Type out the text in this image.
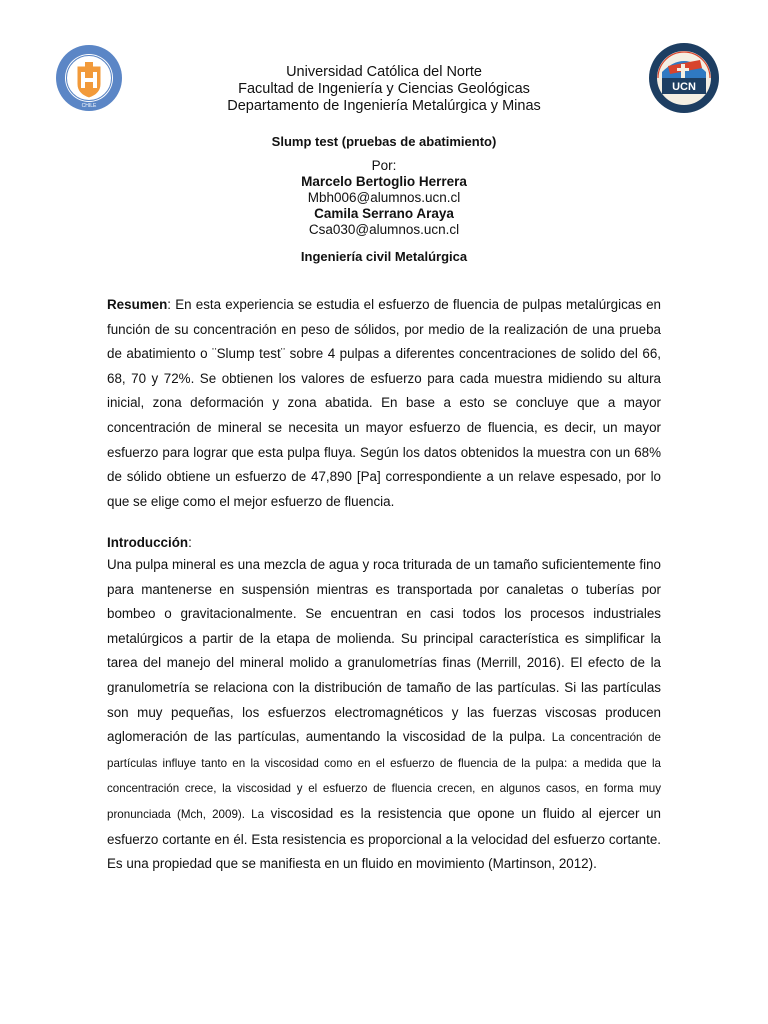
CHILE
UCN
Universidad Católica del Norte
Facultad de Ingeniería y Ciencias Geológicas
Departamento de Ingeniería Metalúrgica y Minas
Slump test (pruebas de abatimiento)
Por:
Marcelo Bertoglio Herrera
Mbh006@alumnos.ucn.cl
Camila Serrano Araya
Csa030@alumnos.ucn.cl
Ingeniería civil Metalúrgica

Resumen: En esta experiencia se estudia el esfuerzo de fluencia de pulpas metalúrgicas en función de su concentración en peso de sólidos, por medio de la realización de una prueba de abatimiento o ¨Slump test¨ sobre 4 pulpas a diferentes concentraciones de solido del 66, 68, 70 y 72%. Se obtienen los valores de esfuerzo para cada muestra midiendo su altura inicial, zona deformación y zona abatida. En base a esto se concluye que a mayor concentración de mineral se necesita un mayor esfuerzo de fluencia, es decir, un mayor esfuerzo para lograr que esta pulpa fluya. Según los datos obtenidos la muestra con un 68% de sólido obtiene un esfuerzo de 47,890 [Pa] correspondiente a un relave espesado, por lo que se elige como el mejor esfuerzo de fluencia.

Introducción:

Una pulpa mineral es una mezcla de agua y roca triturada de un tamaño suficientemente fino para mantenerse en suspensión mientras es transportada por canaletas o tuberías por bombeo o gravitacionalmente. Se encuentran en casi todos los procesos industriales metalúrgicos a partir de la etapa de molienda. Su principal característica es simplificar la tarea del manejo del mineral molido a granulometrías finas (Merrill, 2016). El efecto de la granulometría se relaciona con la distribución de tamaño de las partículas. Si las partículas son muy pequeñas, los esfuerzos electromagnéticos y las fuerzas viscosas producen aglomeración de las partículas, aumentando la viscosidad de la pulpa. La concentración de partículas influye tanto en la viscosidad como en el esfuerzo de fluencia de la pulpa: a medida que la concentración crece, la viscosidad y el esfuerzo de fluencia crecen, en algunos casos, en forma muy pronunciada (Mch, 2009). La viscosidad es la resistencia que opone un fluido al ejercer un esfuerzo cortante en él. Esta resistencia es proporcional a la velocidad del esfuerzo cortante. Es una propiedad que se manifiesta en un fluido en movimiento (Martinson, 2012).
